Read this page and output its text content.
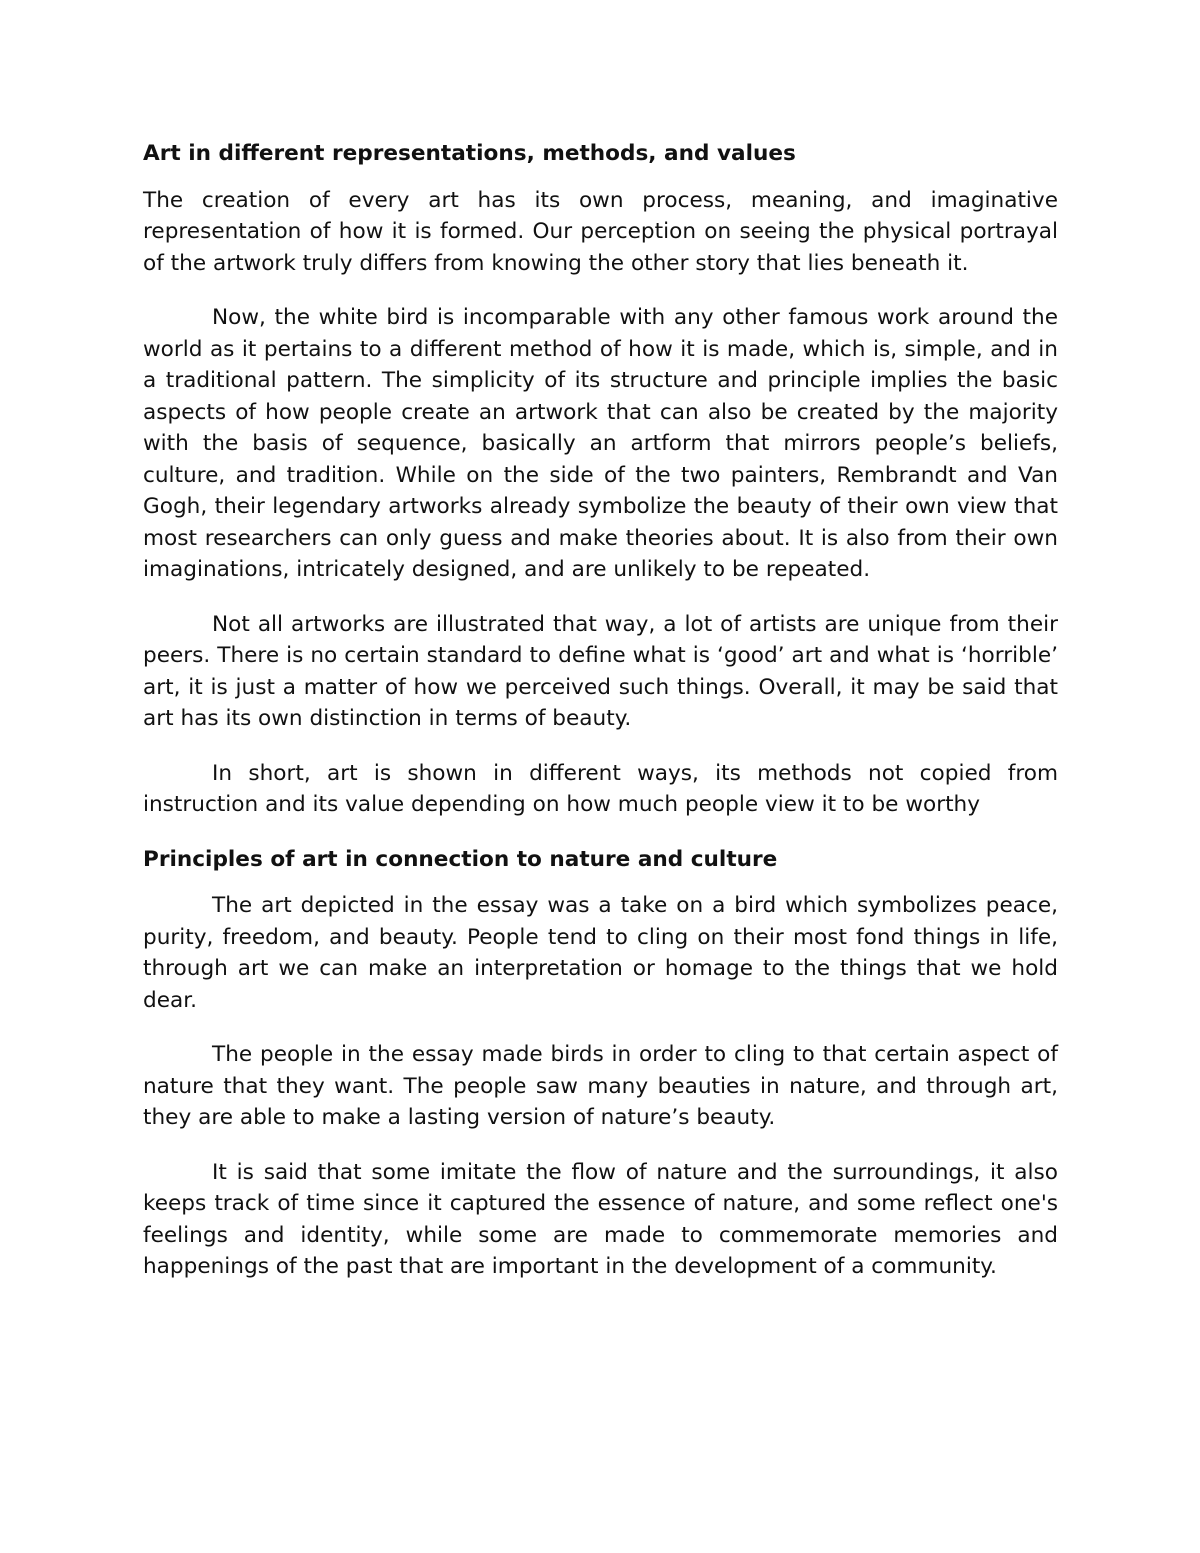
Art in different representations, methods, and values

The creation of every art has its own process, meaning, and imaginative representation of how it is formed. Our perception on seeing the physical portrayal of the artwork truly differs from knowing the other story that lies beneath it.

Now, the white bird is incomparable with any other famous work around the world as it pertains to a different method of how it is made, which is, simple, and in a traditional pattern. The simplicity of its structure and principle implies the basic aspects of how people create an artwork that can also be created by the majority with the basis of sequence, basically an artform that mirrors people’s beliefs, culture, and tradition. While on the side of the two painters, Rembrandt and Van Gogh, their legendary artworks already symbolize the beauty of their own view that most researchers can only guess and make theories about. It is also from their own imaginations, intricately designed, and are unlikely to be repeated.

Not all artworks are illustrated that way, a lot of artists are unique from their peers. There is no certain standard to define what is ‘good’ art and what is ‘horrible’ art, it is just a matter of how we perceived such things. Overall, it may be said that art has its own distinction in terms of beauty.

In short, art is shown in different ways, its methods not copied from instruction and its value depending on how much people view it to be worthy

Principles of art in connection to nature and culture

The art depicted in the essay was a take on a bird which symbolizes peace, purity, freedom, and beauty. People tend to cling on their most fond things in life, through art we can make an interpretation or homage to the things that we hold dear.

The people in the essay made birds in order to cling to that certain aspect of nature that they want. The people saw many beauties in nature, and through art, they are able to make a lasting version of nature’s beauty.

It is said that some imitate the flow of nature and the surroundings, it also keeps track of time since it captured the essence of nature, and some reflect one's feelings and identity, while some are made to commemorate memories and happenings of the past that are important in the development of a community.
